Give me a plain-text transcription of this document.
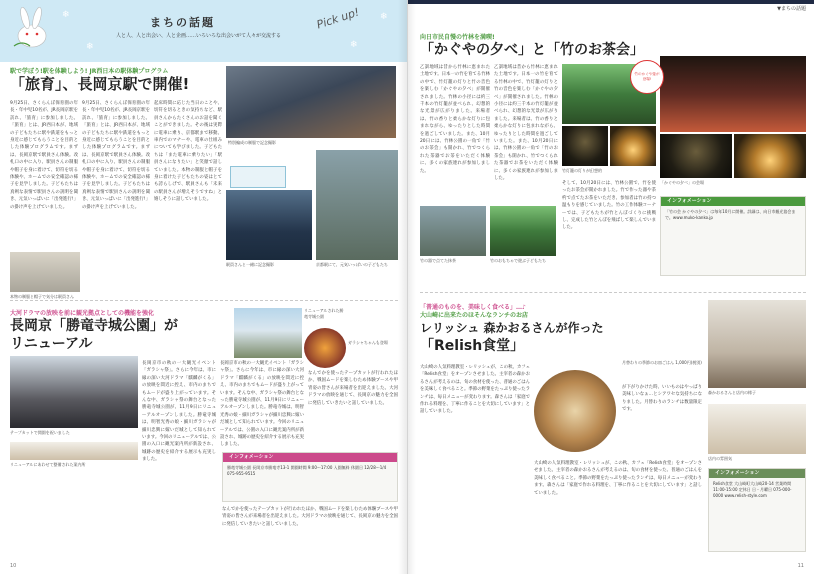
❄
❄	❄
❄
まちの話題
人と人、人と出会い、人と企画……いろいろな出会いがて人々が交流する
Pick up!
駅で学ぼう!駅を体験しよう! JR西日本の駅体験プログラム
「旅育」、長岡京駅で開催!
特別編成の制服で記念撮影
9月25日、さくらんぼ保育園の年長・年中児10名が、JR長岡京駅を訪れ、「旅育」に参加しました。「旅育」とは、JR西日本が、地域の子どもたちに駅や鉄道をもっと身近に感じてもらうことを目的とした体験プログラムです。まずは、長岡京駅で駅員さん体験。改札口の中に入り、駅員さんの制服や帽子を身に着けて、切符を切る体験や、ホームでの安全確認の様子を見学しました。子どもたちは真剣な表情で駅員さんの説明を聞き、元気いっぱいに「出発進行!」の掛け声を上げていました。
9月25日、さくらんぼ保育園の年長・年中児10名が、JR長岡京駅を訪れ、「旅育」に参加しました。「旅育」とは、JR西日本が、地域の子どもたちに駅や鉄道をもっと身近に感じてもらうことを目的とした体験プログラムです。まずは、長岡京駅で駅員さん体験。改札口の中に入り、駅員さんの制服や帽子を身に着けて、切符を切る体験や、ホームでの安全確認の様子を見学しました。子どもたちは真剣な表情で駅員さんの説明を聞き、元気いっぱいに「出発進行!」の掛け声を上げていました。
起床時間に応じた当日のことや、切符を切るときの気持ちなど、駅員さんからたくさんのお話を聞くことができました。その後は実際に電車に乗り、京都駅まで移動。車内でのマナーや、電車の仕組みについても学びました。子どもたちは「また電車に乗りたい」「駅員さんになりたい」と笑顔で話していました。本物の制服と帽子を身に着けた子どもたちの姿はとても誇らしげで、駅員さんも「未来の駅員さんが増えそうですね」と嬉しそうに話していました。
本物の制服と帽子で気分は駅員さん
駅員さんと一緒に記念撮影	京都駅にて、元気いっぱいの子どもたち
大河ドラマの放映を前に観光拠点としての機能を強化
長岡京「勝竜寺城公園」が
リニューアル
リニューアルされた勝竜寺城公園
ガラシャちゃんも登場
テープカットで開園を祝いました
長岡京市の秋の一大観光イベント「ガラシャ祭」。さらに今年は、市に縁の深い大河ドラマ「麒麟がくる」の放映を間近に控え、市内のまちでもムードが盛り上がっています。そんな中、ガラシャ祭の舞台となった勝竜寺城公園が、11月9日にリニューアルオープンしました。勝竜寺城は、明智光秀の娘・細川ガラシャが細川忠興に嫁いだ城として知られています。今回のリニューアルでは、公園の入口に観光案内所が新設され、城跡の歴史を紹介する展示も充実しました。
長岡京市の秋の一大観光イベント「ガラシャ祭」。さらに今年は、市に縁の深い大河ドラマ「麒麟がくる」の放映を間近に控え、市内のまちでもムードが盛り上がっています。そんな中、ガラシャ祭の舞台となった勝竜寺城公園が、11月9日にリニューアルオープンしました。勝竜寺城は、明智光秀の娘・細川ガラシャが細川忠興に嫁いだ城として知られています。今回のリニューアルでは、公園の入口に観光案内所が新設され、城跡の歴史を紹介する展示も充実しました。
なんでかを使ったテープカットが行われたほか、戦国ムードを楽しむため体験ブースや甲冑姿の皆さんが来場者を出迎えました。大河ドラマの放映を通じて、長岡京の魅力を全国に発信していきたいと話していました。
リニューアルにあわせて整備された案内所
インフォメーション
勝竜寺城公園 長岡京市勝竜寺13-1 開園時間 9:00〜17:00 入園無料 休園日 12/28〜1/4 075-955-9515
なんでかを使ったテープカットが行われたほか、戦国ムードを楽しむため体験ブースや甲冑姿の皆さんが来場者を出迎えました。大河ドラマの放映を通じて、長岡京の魅力を全国に発信していきたいと話していました。
10
▼まちの話題
向日市民自慢の竹林を満喫!
「かぐやの夕べ」と「竹のお茶会」
乙訓地域は昔から竹林に恵まれた土地です。日本一の竹を育てる竹林の中で、竹灯籠の灯りと竹の音色を楽しむ「かぐやの夕べ」が開催されました。竹林の小径には約三千本の竹灯籠が並べられ、幻想的な光景が広がりました。来場者は、竹の香りと柔らかな灯りに包まれながら、ゆったりとした時間を過ごしていました。また、10月20日には、竹林公園の一角で「竹のお茶会」も開かれ、竹でつくられた茶器でお茶をいただく体験に、多くの家族連れが参加しました。
乙訓地域は昔から竹林に恵まれた土地です。日本一の竹を育てる竹林の中で、竹灯籠の灯りと竹の音色を楽しむ「かぐやの夕べ」が開催されました。竹林の小径には約三千本の竹灯籠が並べられ、幻想的な光景が広がりました。来場者は、竹の香りと柔らかな灯りに包まれながら、ゆったりとした時間を過ごしていました。また、10月20日には、竹林公園の一角で「竹のお茶会」も開かれ、竹でつくられた茶器でお茶をいただく体験に、多くの家族連れが参加しました。
竹灯籠の灯りが幻想的
竹のかぐや姫が登場!
「かぐやの夕べ」の会場
竹の器で点てた抹茶	竹のおもちゃで遊ぶ子どもたち
そして、10月20日には、竹林公園で、竹を使ったお茶会が開かれました。竹で作った器や茶杓で点てたお茶をいただき、参加者は竹の持つ温もりを感じていました。竹の工作体験コーナーでは、子どもたちが竹とんぼづくりに挑戦し、完成した竹とんぼを飛ばして楽しんでいました。
インフォメーション
「竹の会 かぐやの夕べ」は毎年10月に開催。詳細は、向日市観光協会まで。www.muko-kanko.jp
「普通のものを、美味しく食べる」…♪
大山崎に出来たのほそんなランチのお店
レリッシュ 森かおるさんが作った
「Relish食堂」
森かおるさんと店内の様子
大山崎の人気料理教室・レリッシュが、この秋、カフェ「Relish食堂」をオープンさせました。主宰者の森かおるさんが考えるのは、旬の食材を使った、普通のごはんを美味しく食べること。季節の野菜をたっぷり使ったランチは、毎日メニューが変わります。森さんは「家庭で作れる料理を、丁寧に作ることを大切にしています」と話していました。
月替わりの季節のお皿ごはん 1,000円(税別)
が下がりかけた時、いいものはやっぱり美味しいなぁ…とシアワセな気持ちになりました。月替わりのランチは数量限定です。
店内の雰囲気
大山崎の人気料理教室・レリッシュが、この秋、カフェ「Relish食堂」をオープンさせました。主宰者の森かおるさんが考えるのは、旬の食材を使った、普通のごはんを美味しく食べること。季節の野菜をたっぷり使ったランチは、毎日メニューが変わります。森さんは「家庭で作れる料理を、丁寧に作ることを大切にしています」と話していました。
インフォメーション
Relish食堂 大山崎町大山崎20-14 営業時間 11:00-15:00 定休日 日・月曜日 075-000-0000 www.relish-style.com
11
